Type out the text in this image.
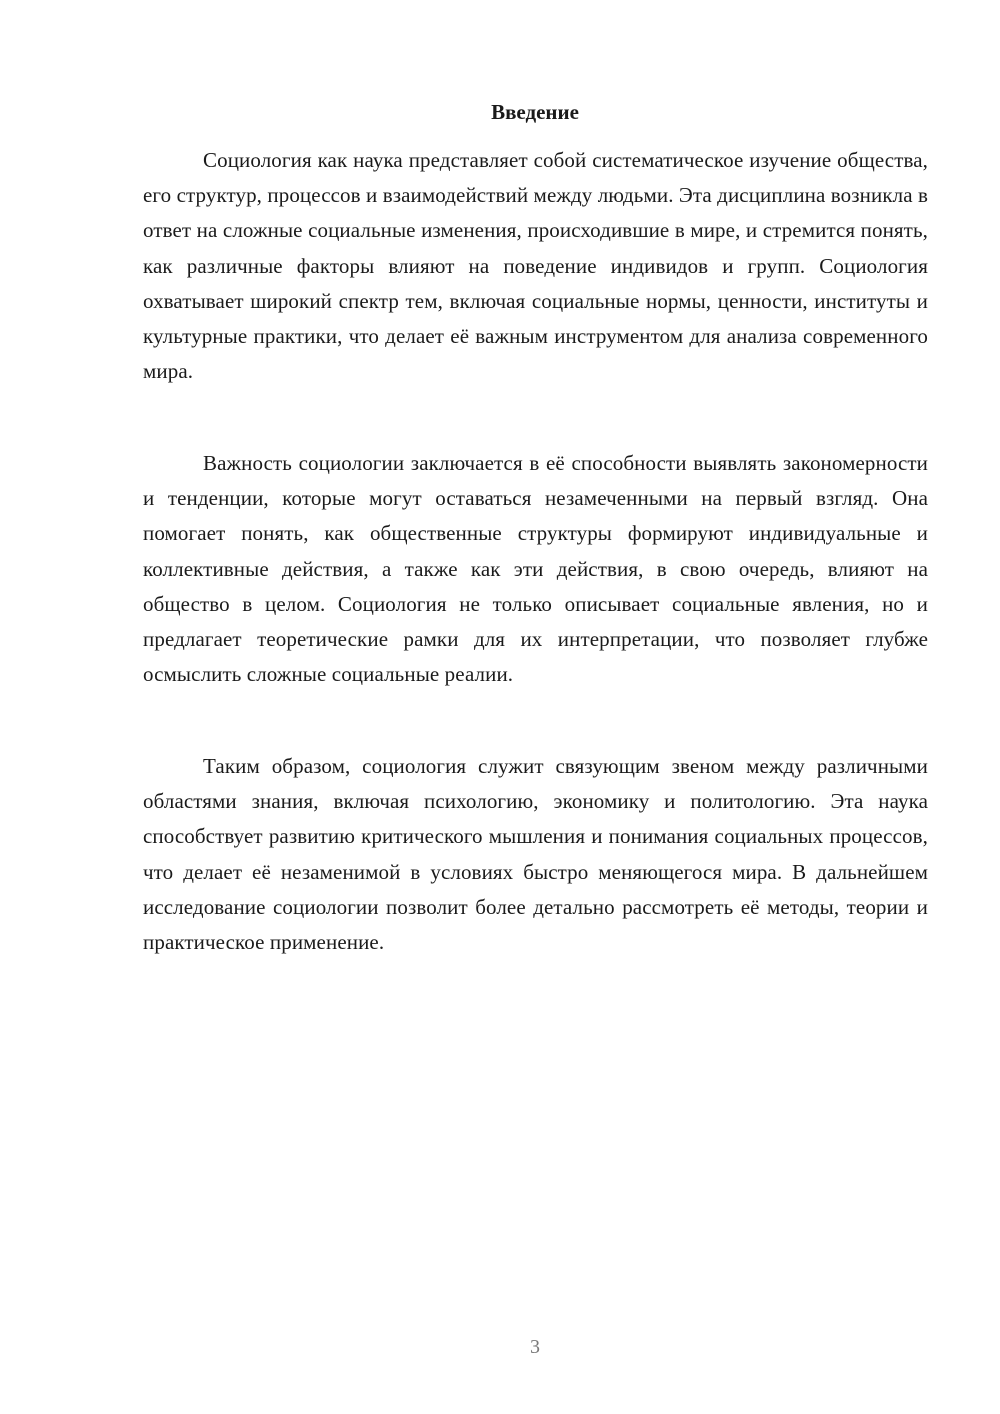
Введение

Социология как наука представляет собой систематическое изучение общества, его структур, процессов и взаимодействий между людьми. Эта дисциплина возникла в ответ на сложные социальные изменения, происходившие в мире, и стремится понять, как различные факторы влияют на поведение индивидов и групп. Социология охватывает широкий спектр тем, включая социальные нормы, ценности, институты и культурные практики, что делает её важным инструментом для анализа современного мира.

Важность социологии заключается в её способности выявлять закономерности и тенденции, которые могут оставаться незамеченными на первый взгляд. Она помогает понять, как общественные структуры формируют индивидуальные и коллективные действия, а также как эти действия, в свою очередь, влияют на общество в целом. Социология не только описывает социальные явления, но и предлагает теоретические рамки для их интерпретации, что позволяет глубже осмыслить сложные социальные реалии.

Таким образом, социология служит связующим звеном между различными областями знания, включая психологию, экономику и политологию. Эта наука способствует развитию критического мышления и понимания социальных процессов, что делает её незаменимой в условиях быстро меняющегося мира. В дальнейшем исследование социологии позволит более детально рассмотреть её методы, теории и практическое применение.

3
